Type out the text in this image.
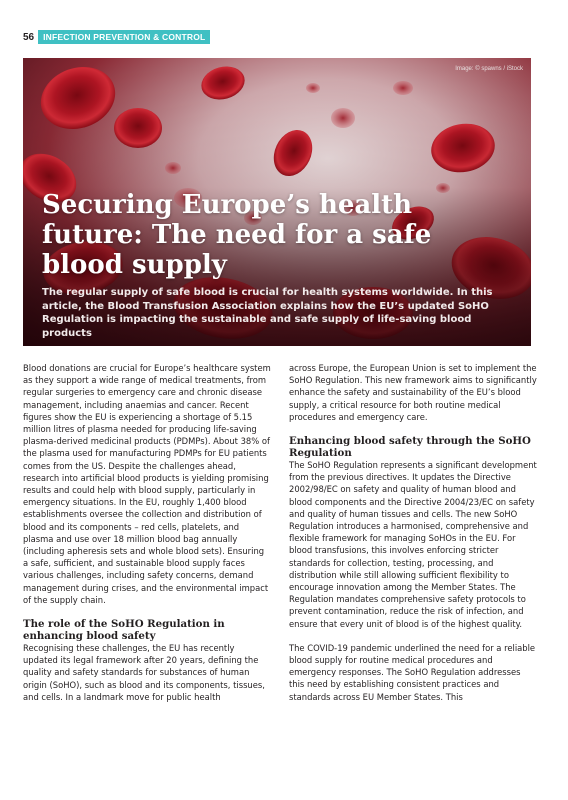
56	INFECTION PREVENTION & CONTROL
Image: © spawns / iStock
Securing Europe’s health future: The need for a safe blood supply

The regular supply of safe blood is crucial for health systems worldwide. In this article, the Blood Transfusion Association explains how the EU’s updated SoHO Regulation is impacting the sustainable and safe supply of life-saving blood products

Blood donations are crucial for Europe’s healthcare system as they support a wide range of medical treatments, from regular surgeries to emergency care and chronic disease management, including anaemias and cancer. Recent figures show the EU is experiencing a shortage of 5.15 million litres of plasma needed for producing life-saving plasma-derived medicinal products (PDMPs). About 38% of the plasma used for manufacturing PDMPs for EU patients comes from the US. Despite the challenges ahead, research into artificial blood products is yielding promising results and could help with blood supply, particularly in emergency situations. In the EU, roughly 1,400 blood establishments oversee the collection and distribution of blood and its components – red cells, platelets, and plasma and use over 18 million blood bag annually (including apheresis sets and whole blood sets). Ensuring a safe, sufficient, and sustainable blood supply faces various challenges, including safety concerns, demand management during crises, and the environmental impact of the supply chain.

The role of the SoHO Regulation in enhancing blood safety

Recognising these challenges, the EU has recently updated its legal framework after 20 years, defining the quality and safety standards for substances of human origin (SoHO), such as blood and its components, tissues, and cells. In a landmark move for public health

across Europe, the European Union is set to implement the SoHO Regulation. This new framework aims to significantly enhance the safety and sustainability of the EU’s blood supply, a critical resource for both routine medical procedures and emergency care.

Enhancing blood safety through the SoHO Regulation

The SoHO Regulation represents a significant development from the previous directives. It updates the Directive 2002/98/EC on safety and quality of human blood and blood components and the Directive 2004/23/EC on safety and quality of human tissues and cells. The new SoHO Regulation introduces a harmonised, comprehensive and flexible framework for managing SoHOs in the EU. For blood transfusions, this involves enforcing stricter standards for collection, testing, processing, and distribution while still allowing sufficient flexibility to encourage innovation among the Member States. The Regulation mandates comprehensive safety protocols to prevent contamination, reduce the risk of infection, and ensure that every unit of blood is of the highest quality.

The COVID-19 pandemic underlined the need for a reliable blood supply for routine medical procedures and emergency responses. The SoHO Regulation addresses this need by establishing consistent practices and standards across EU Member States. This
